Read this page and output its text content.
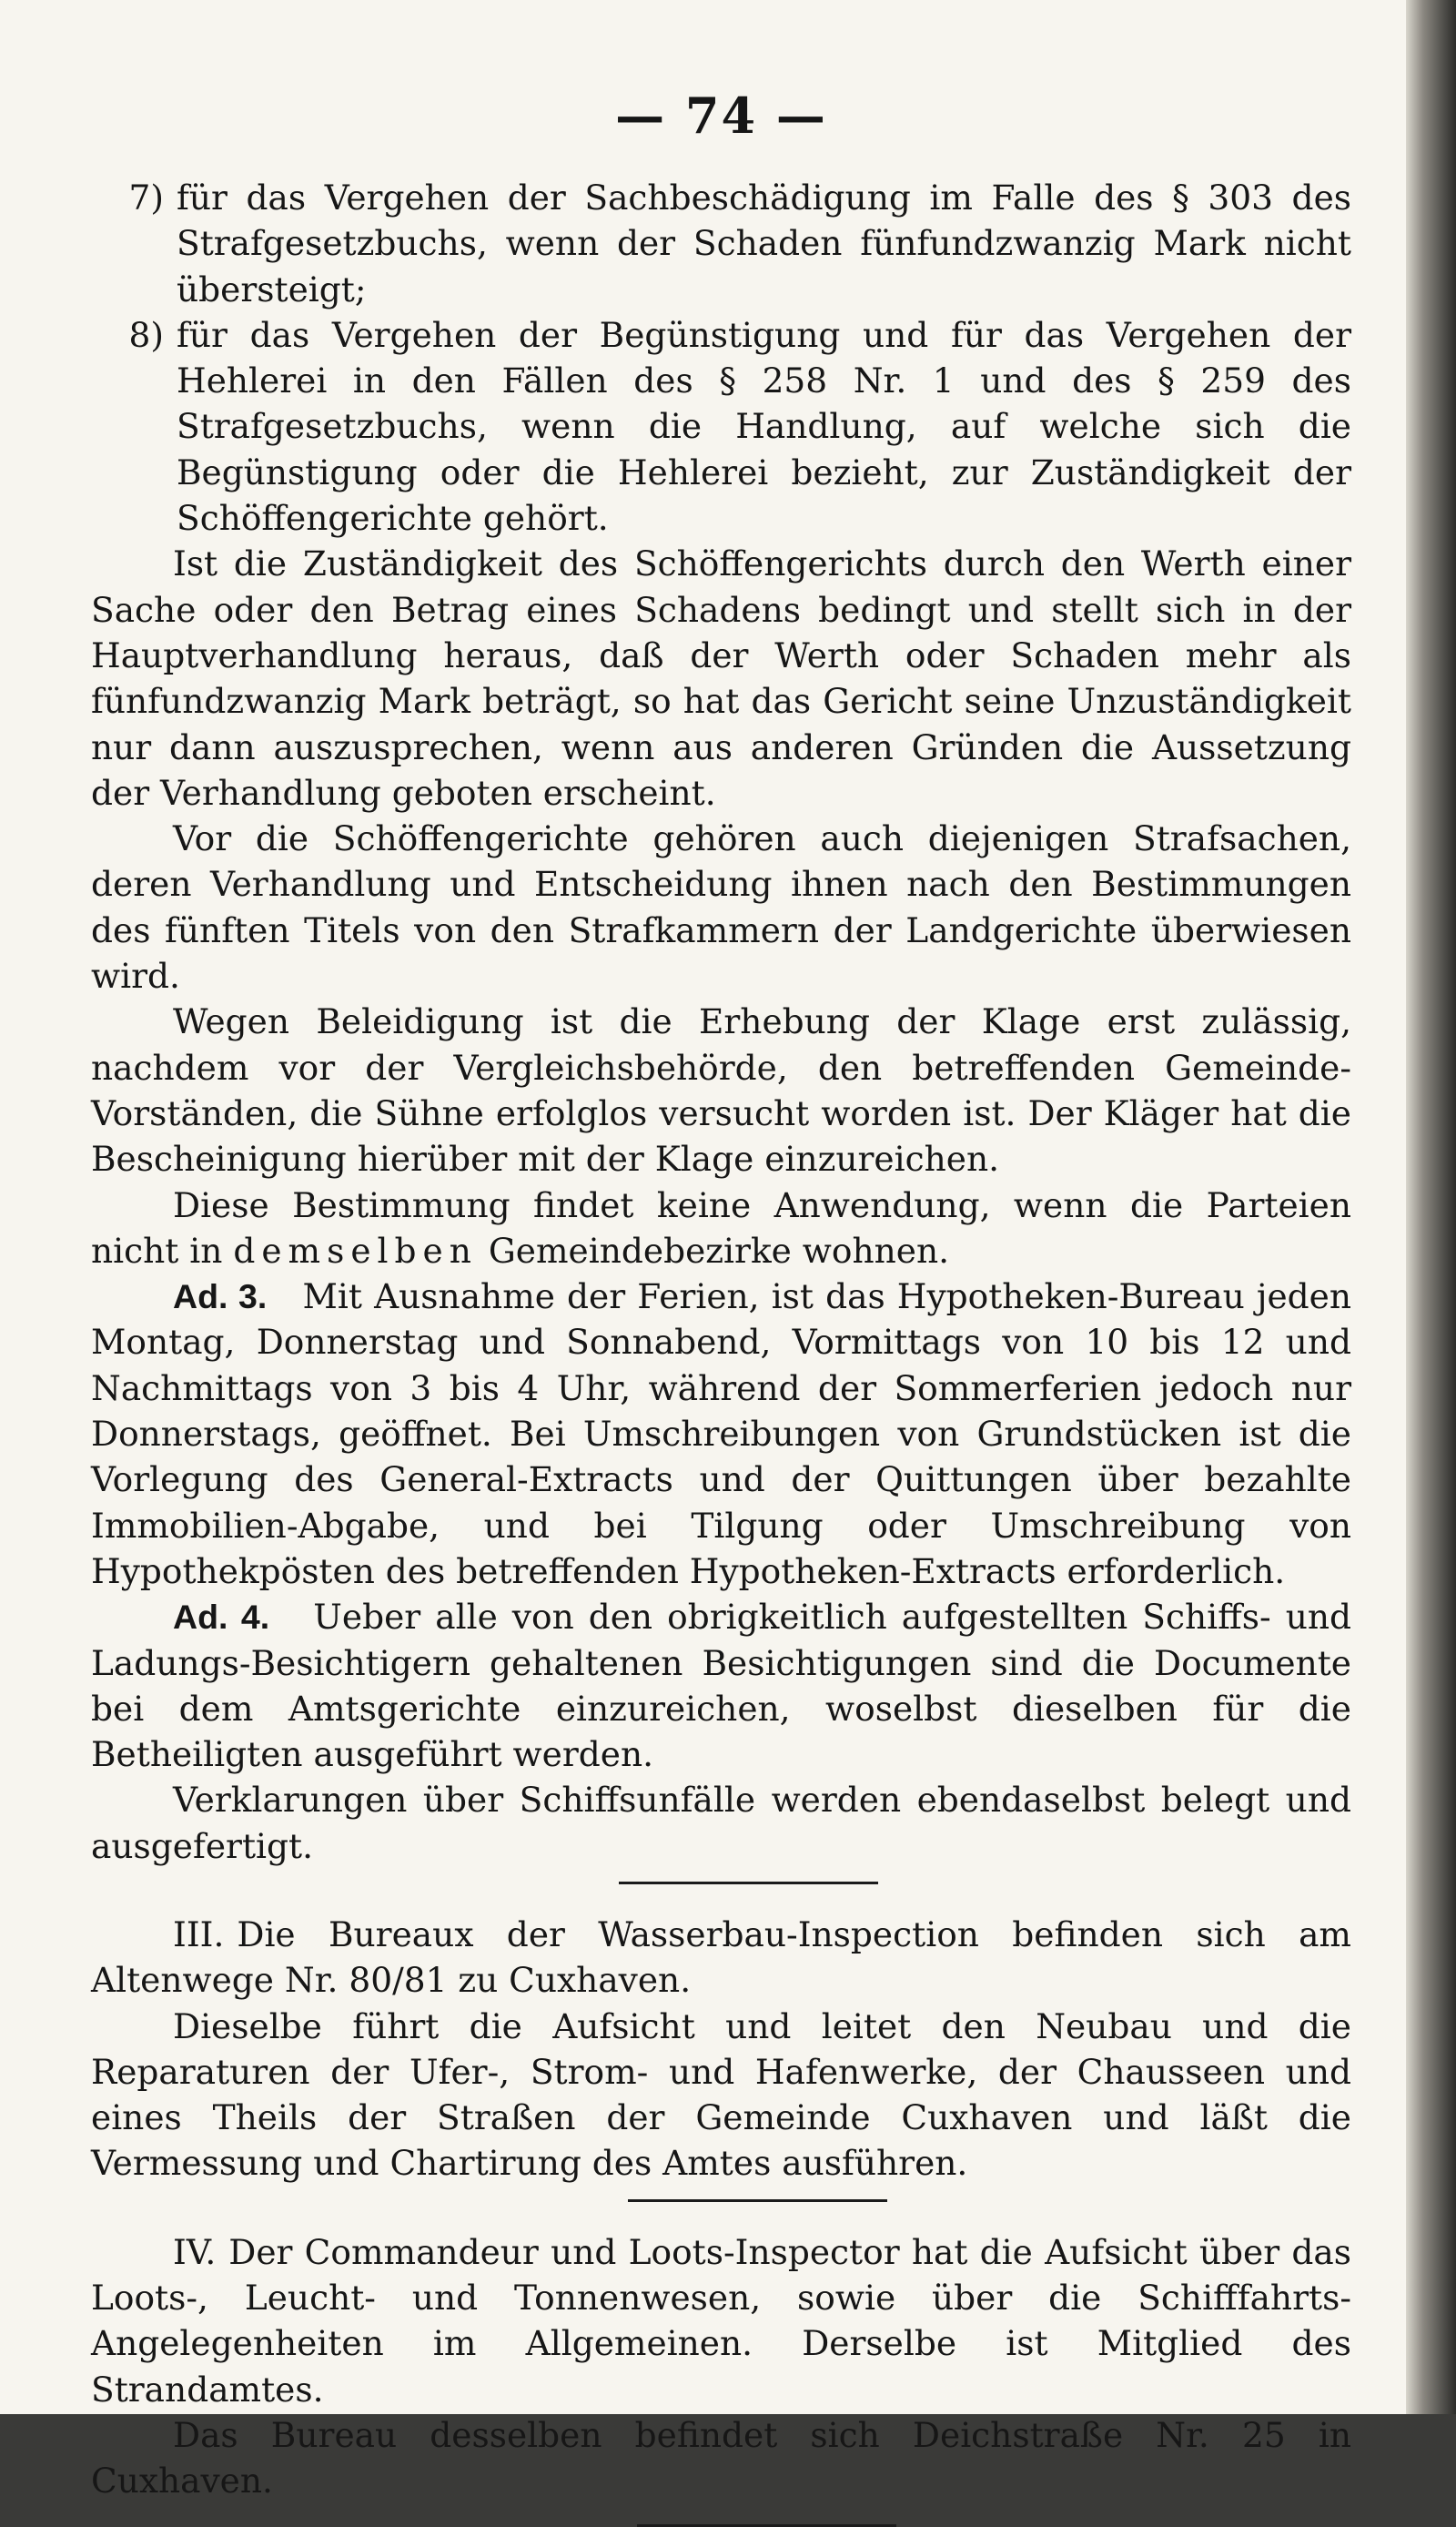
— 74 —
7) für das Vergehen der Sachbeschädigung im Falle des § 303 des Strafgesetzbuchs, wenn der Schaden fünfundzwanzig Mark nicht übersteigt;
8) für das Vergehen der Begünstigung und für das Vergehen der Hehlerei in den Fällen des § 258 Nr. 1 und des § 259 des Strafgesetzbuchs, wenn die Handlung, auf welche sich die Begünstigung oder die Hehlerei bezieht, zur Zuständigkeit der Schöffengerichte gehört.

Ist die Zuständigkeit des Schöffengerichts durch den Werth einer Sache oder den Betrag eines Schadens bedingt und stellt sich in der Hauptverhandlung heraus, daß der Werth oder Schaden mehr als fünfundzwanzig Mark beträgt, so hat das Gericht seine Unzuständigkeit nur dann auszusprechen, wenn aus anderen Gründen die Aussetzung der Verhandlung geboten erscheint.

Vor die Schöffengerichte gehören auch diejenigen Strafsachen, deren Verhandlung und Entscheidung ihnen nach den Bestimmungen des fünften Titels von den Strafkammern der Landgerichte überwiesen wird.

Wegen Beleidigung ist die Erhebung der Klage erst zulässig, nachdem vor der Vergleichsbehörde, den betreffenden Gemeinde-Vorständen, die Sühne erfolglos versucht worden ist. Der Kläger hat die Bescheinigung hierüber mit der Klage einzureichen.

Diese Bestimmung findet keine Anwendung, wenn die Parteien nicht in demselben Gemeindebezirke wohnen.

Ad. 3. Mit Ausnahme der Ferien, ist das Hypotheken-Bureau jeden Montag, Donnerstag und Sonnabend, Vormittags von 10 bis 12 und Nachmittags von 3 bis 4 Uhr, während der Sommerferien jedoch nur Donnerstags, geöffnet. Bei Umschreibungen von Grundstücken ist die Vorlegung des General-Extracts und der Quittungen über bezahlte Immobilien-Abgabe, und bei Tilgung oder Umschreibung von Hypothekpösten des betreffenden Hypotheken-Extracts erforderlich.

Ad. 4. Ueber alle von den obrigkeitlich aufgestellten Schiffs- und Ladungs-Besichtigern gehaltenen Besichtigungen sind die Documente bei dem Amtsgerichte einzureichen, woselbst dieselben für die Betheiligten ausgeführt werden.

Verklarungen über Schiffsunfälle werden ebendaselbst belegt und ausgefertigt.

III. Die Bureaux der Wasserbau-Inspection befinden sich am Altenwege Nr. 80/81 zu Cuxhaven.

Dieselbe führt die Aufsicht und leitet den Neubau und die Reparaturen der Ufer-, Strom- und Hafenwerke, der Chausseen und eines Theils der Straßen der Gemeinde Cuxhaven und läßt die Vermessung und Chartirung des Amtes ausführen.

IV. Der Commandeur und Loots-Inspector hat die Aufsicht über das Loots-, Leucht- und Tonnenwesen, sowie über die Schifffahrts-Angelegenheiten im Allgemeinen. Derselbe ist Mitglied des Strandamtes.

Das Bureau desselben befindet sich Deichstraße Nr. 25 in Cuxhaven.
